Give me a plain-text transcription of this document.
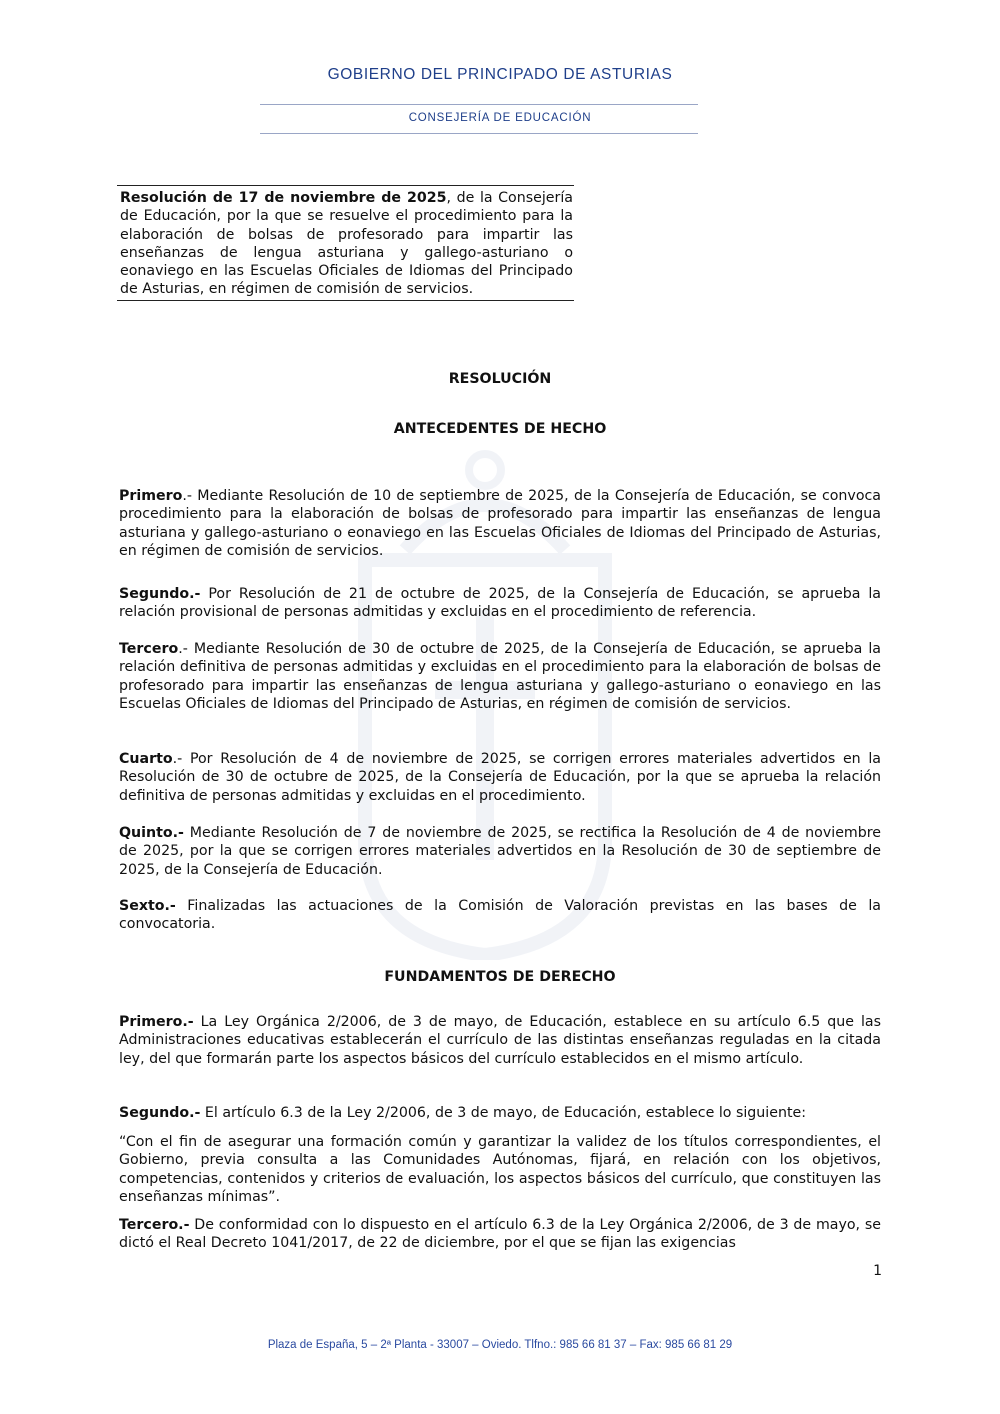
GOBIERNO DEL PRINCIPADO DE ASTURIAS
CONSEJERÍA DE EDUCACIÓN
Resolución de 17 de noviembre de 2025, de la Consejería de Educación, por la que se resuelve el procedimiento para la elaboración de bolsas de profesorado para impartir las enseñanzas de lengua asturiana y gallego-asturiano o eonaviego en las Escuelas Oficiales de Idiomas del Principado de Asturias, en régimen de comisión de servicios.
RESOLUCIÓN
ANTECEDENTES DE HECHO

Primero.- Mediante Resolución de 10 de septiembre de 2025, de la Consejería de Educación, se convoca procedimiento para la elaboración de bolsas de profesorado para impartir las enseñanzas de lengua asturiana y gallego-asturiano o eonaviego en las Escuelas Oficiales de Idiomas del Principado de Asturias, en régimen de comisión de servicios.

Segundo.- Por Resolución de 21 de octubre de 2025, de la Consejería de Educación, se aprueba la relación provisional de personas admitidas y excluidas en el procedimiento de referencia.

Tercero.- Mediante Resolución de 30 de octubre de 2025, de la Consejería de Educación, se aprueba la relación definitiva de personas admitidas y excluidas en el procedimiento para la elaboración de bolsas de profesorado para impartir las enseñanzas de lengua asturiana y gallego-asturiano o eonaviego en las Escuelas Oficiales de Idiomas del Principado de Asturias, en régimen de comisión de servicios.

Cuarto.- Por Resolución de 4 de noviembre de 2025, se corrigen errores materiales advertidos en la Resolución de 30 de octubre de 2025, de la Consejería de Educación, por la que se aprueba la relación definitiva de personas admitidas y excluidas en el procedimiento.

Quinto.- Mediante Resolución de 7 de noviembre de 2025, se rectifica la Resolución de 4 de noviembre de 2025, por la que se corrigen errores materiales advertidos en la Resolución de 30 de septiembre de 2025, de la Consejería de Educación.

Sexto.- Finalizadas las actuaciones de la Comisión de Valoración previstas en las bases de la convocatoria.

FUNDAMENTOS DE DERECHO

Primero.- La Ley Orgánica 2/2006, de 3 de mayo, de Educación, establece en su artículo 6.5 que las Administraciones educativas establecerán el currículo de las distintas enseñanzas reguladas en la citada ley, del que formarán parte los aspectos básicos del currículo establecidos en el mismo artículo.

Segundo.- El artículo 6.3 de la Ley 2/2006, de 3 de mayo, de Educación, establece lo siguiente:

“Con el fin de asegurar una formación común y garantizar la validez de los títulos correspondientes, el Gobierno, previa consulta a las Comunidades Autónomas, fijará, en relación con los objetivos, competencias, contenidos y criterios de evaluación, los aspectos básicos del currículo, que constituyen las enseñanzas mínimas”.

Tercero.- De conformidad con lo dispuesto en el artículo 6.3 de la Ley Orgánica 2/2006, de 3 de mayo, se dictó el Real Decreto 1041/2017, de 22 de diciembre, por el que se fijan las exigencias

1
Plaza de España, 5 – 2ª Planta - 33007 – Oviedo. Tlfno.: 985 66 81 37 – Fax: 985 66 81 29
